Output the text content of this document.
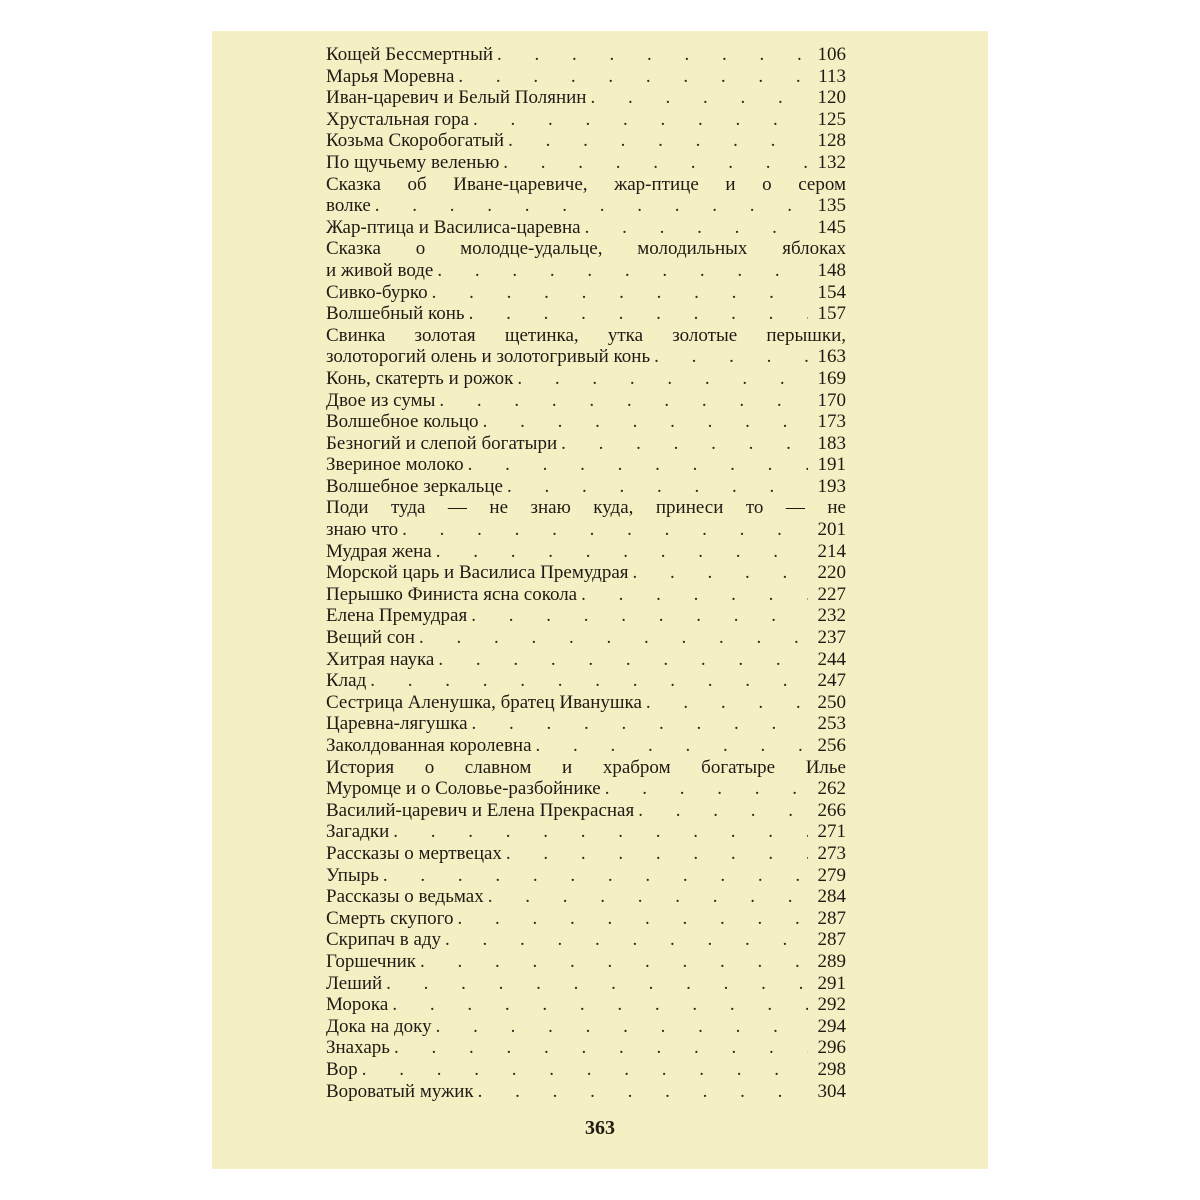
Кощей Бессмертный . . .	106
Марья Моревна . . .	113
Иван-царевич и Белый Полянин . . .	120
Хрустальная гора . . .	125
Козьма Скоробогатый . . .	128
По щучьему веленью . . .	132
Сказка об Иване-царевиче, жар-птице и о сером
волке . . .	135
Жар-птица и Василиса-царевна . . .	145
Сказка о молодце-удальце, молодильных яблоках
и живой воде . . .	148
Сивко-бурко . . .	154
Волшебный конь . . .	157
Свинка золотая щетинка, утка золотые перышки,
золоторогий олень и золотогривый конь . . .	163
Конь, скатерть и рожок . . .	169
Двое из сумы . . .	170
Волшебное кольцо . . .	173
Безногий и слепой богатыри . . .	183
Звериное молоко . . .	191
Волшебное зеркальце . . .	193
Поди туда — не знаю куда, принеси то — не
знаю что . . .	201
Мудрая жена . . .	214
Морской царь и Василиса Премудрая . . .	220
Перышко Финиста ясна сокола . . .	227
Елена Премудрая . . .	232
Вещий сон . . .	237
Хитрая наука . . .	244
Клад . . .	247
Сестрица Аленушка, братец Иванушка . . .	250
Царевна-лягушка . . .	253
Заколдованная королевна . . .	256
История о славном и храбром богатыре Илье
Муромце и о Соловье-разбойнике . . .	262
Василий-царевич и Елена Прекрасная . . .	266
Загадки . . .	271
Рассказы о мертвецах . . .	273
Упырь . . .	279
Рассказы о ведьмах . . .	284
Смерть скупого . . .	287
Скрипач в аду . . .	287
Горшечник . . .	289
Леший . . .	291
Морока . . .	292
Дока на доку . . .	294
Знахарь . . .	296
Вор . . .	298
Вороватый мужик . . .	304
363
